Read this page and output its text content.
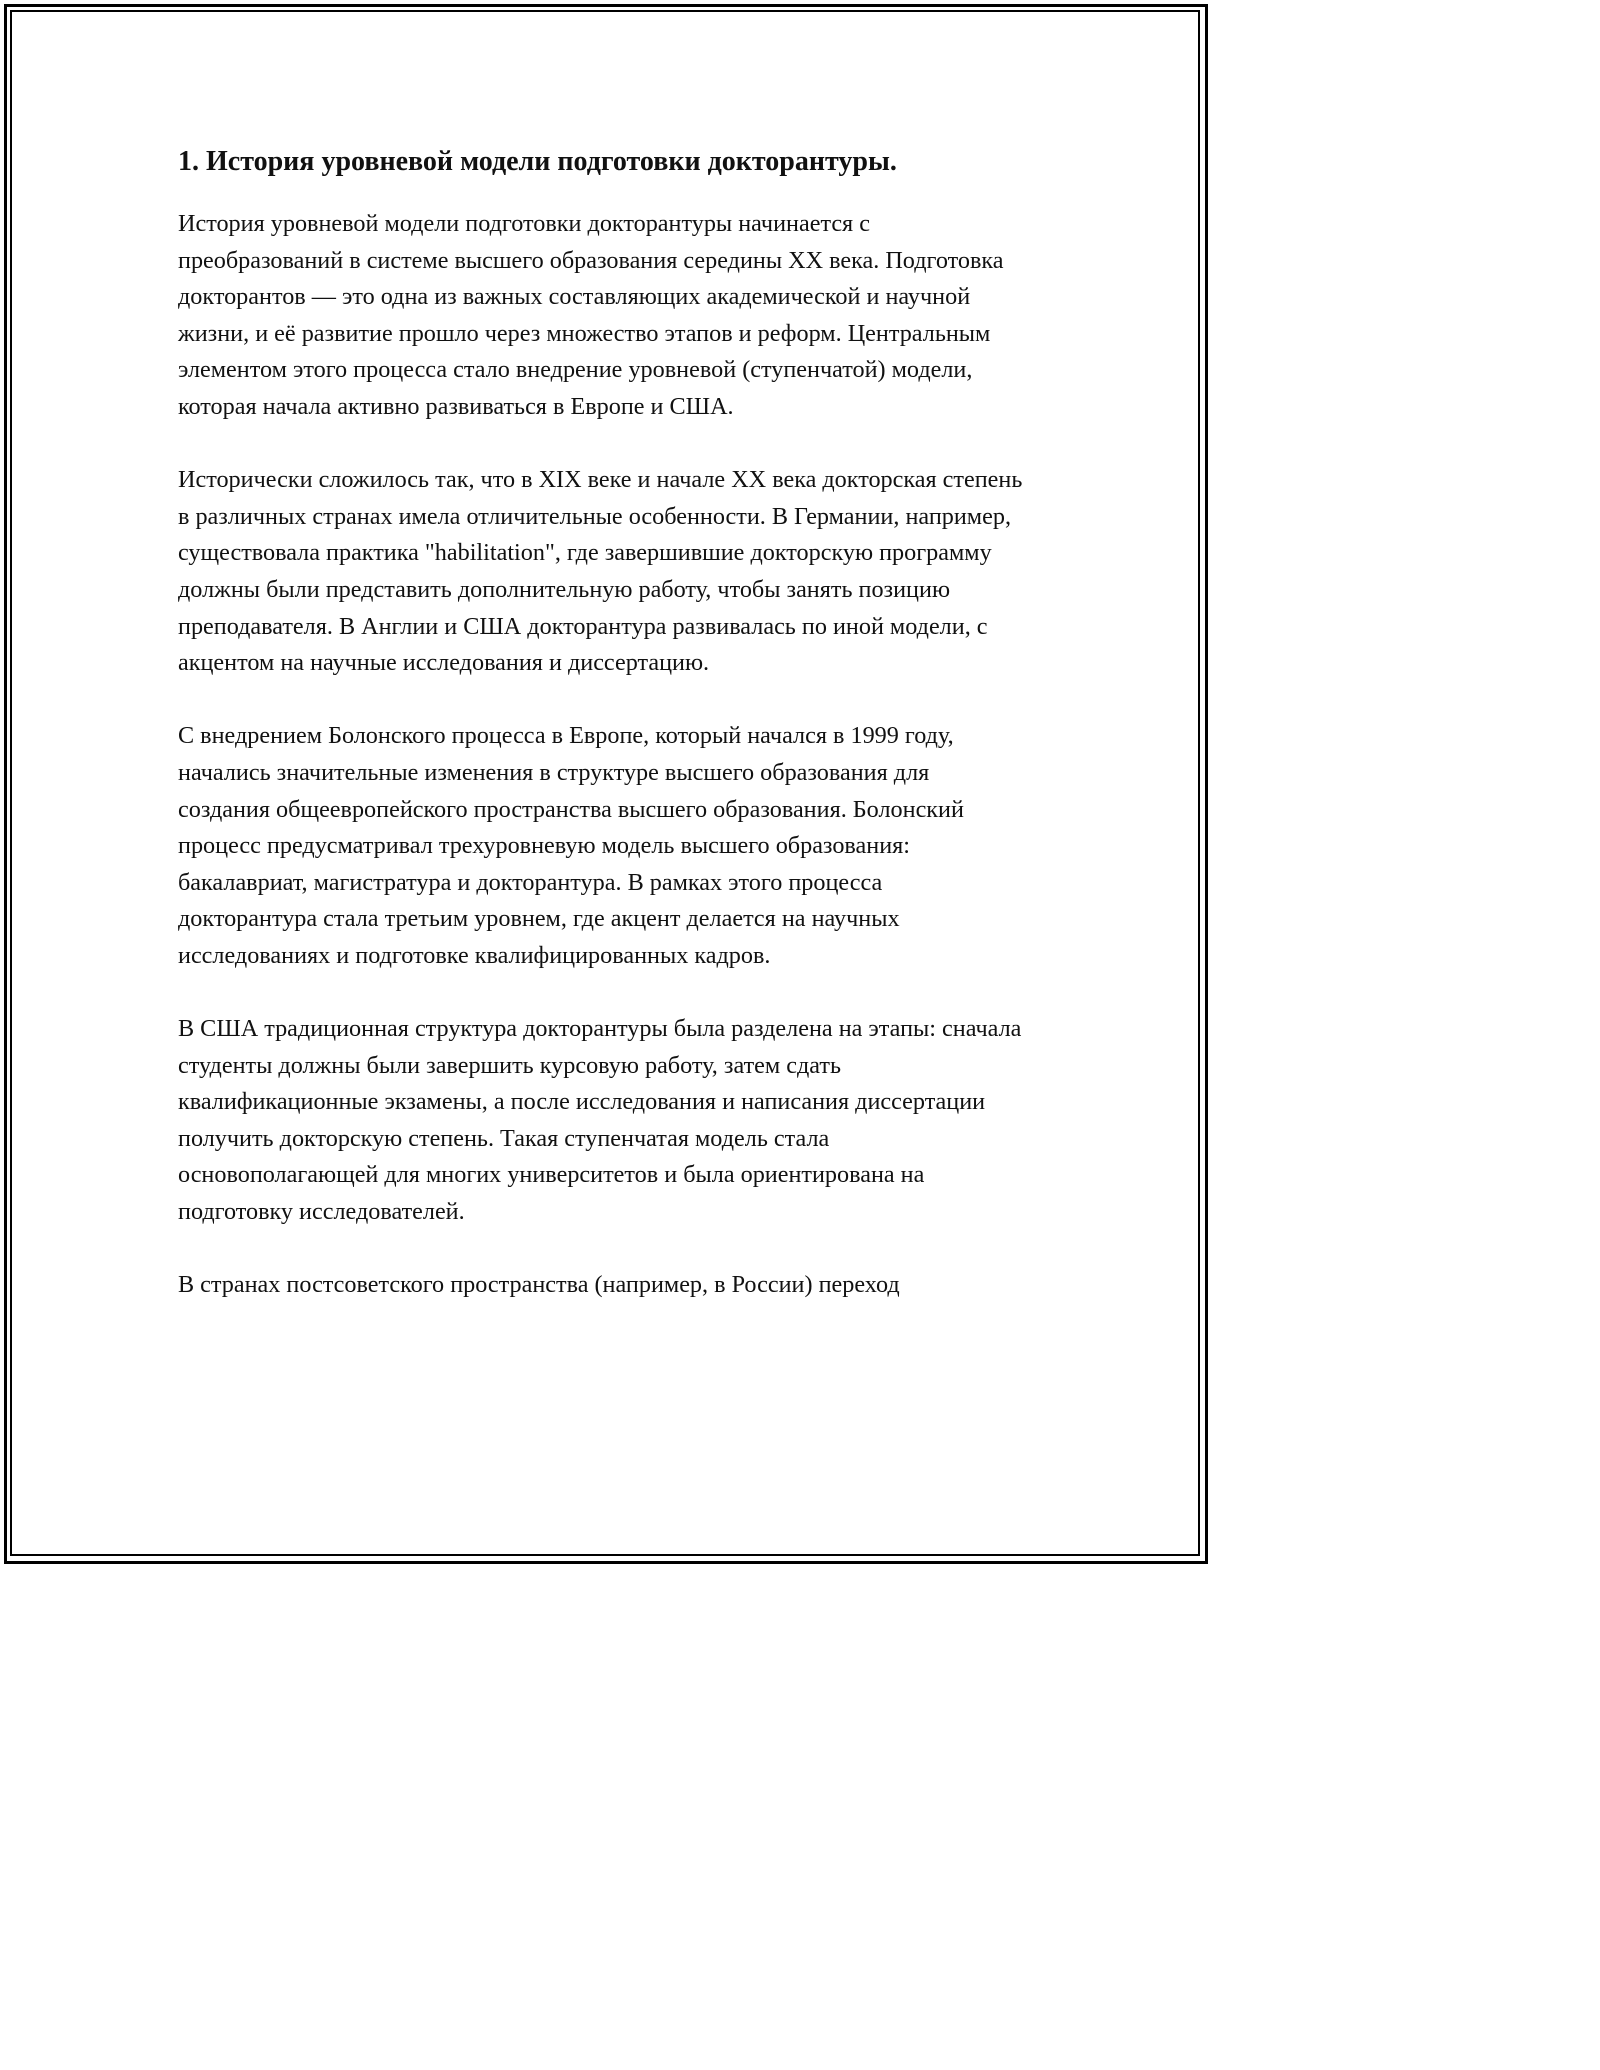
1. История уровневой модели подготовки докторантуры.

История уровневой модели подготовки докторантуры начинается с преобразований в системе высшего образования середины XX века. Подготовка докторантов — это одна из важных составляющих академической и научной жизни, и её развитие прошло через множество этапов и реформ. Центральным элементом этого процесса стало внедрение уровневой (ступенчатой) модели, которая начала активно развиваться в Европе и США.

Исторически сложилось так, что в XIX веке и начале XX века докторская степень в различных странах имела отличительные особенности. В Германии, например, существовала практика "habilitation", где завершившие докторскую программу должны были представить дополнительную работу, чтобы занять позицию преподавателя. В Англии и США докторантура развивалась по иной модели, с акцентом на научные исследования и диссертацию.

С внедрением Болонского процесса в Европе, который начался в 1999 году, начались значительные изменения в структуре высшего образования для создания общеевропейского пространства высшего образования. Болонский процесс предусматривал трехуровневую модель высшего образования: бакалавриат, магистратура и докторантура. В рамках этого процесса докторантура стала третьим уровнем, где акцент делается на научных исследованиях и подготовке квалифицированных кадров.

В США традиционная структура докторантуры была разделена на этапы: сначала студенты должны были завершить курсовую работу, затем сдать квалификационные экзамены, а после исследования и написания диссертации получить докторскую степень. Такая ступенчатая модель стала основополагающей для многих университетов и была ориентирована на подготовку исследователей.

В странах постсоветского пространства (например, в России) переход
